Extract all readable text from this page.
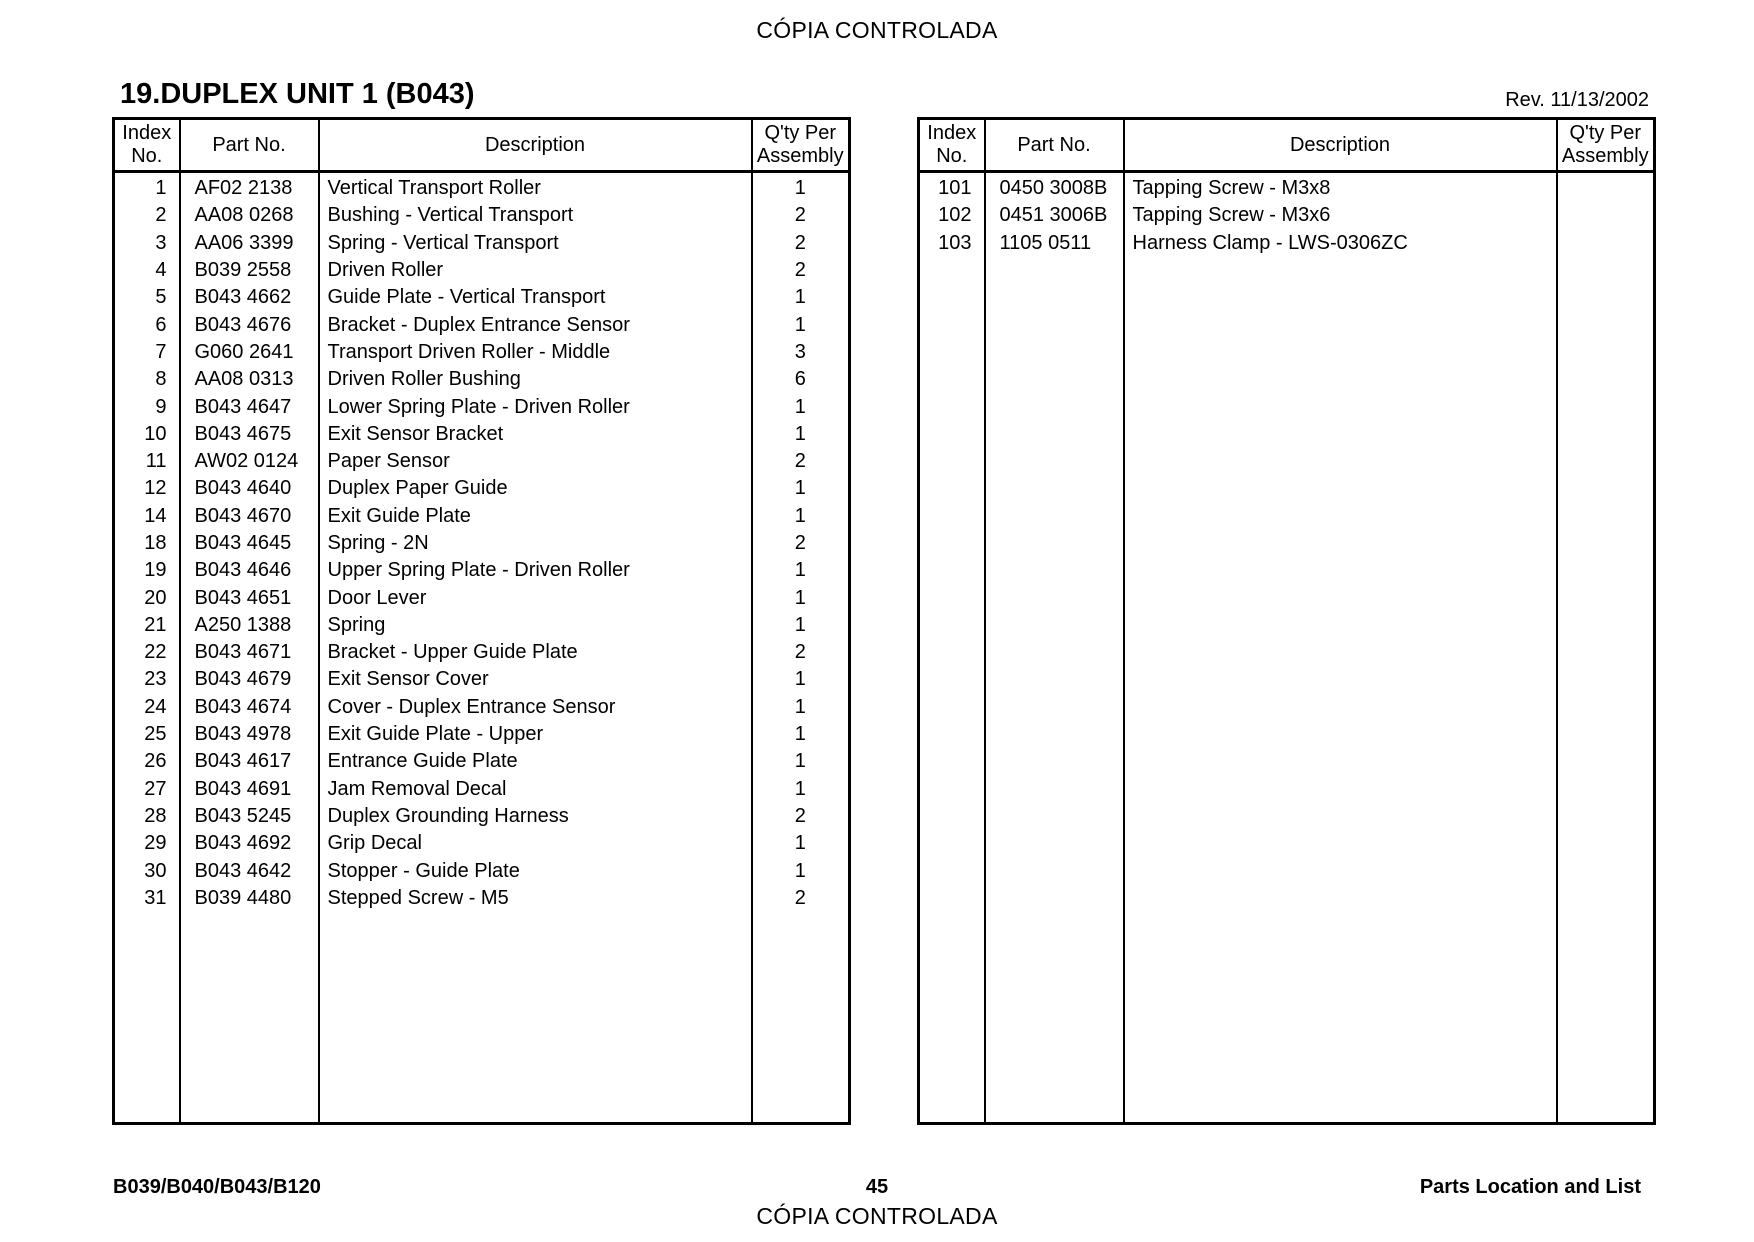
CÓPIA CONTROLADA
19.DUPLEX UNIT 1 (B043)	Rev. 11/13/2002
Index
No.	Part No.	Description	Q'ty Per
Assembly
1	AF02 2138	Vertical Transport Roller	1
2	AA08 0268	Bushing - Vertical Transport	2
3	AA06 3399	Spring - Vertical Transport	2
4	B039 2558	Driven Roller	2
5	B043 4662	Guide Plate - Vertical Transport	1
6	B043 4676	Bracket - Duplex Entrance Sensor	1
7	G060 2641	Transport Driven Roller - Middle	3
8	AA08 0313	Driven Roller Bushing	6
9	B043 4647	Lower Spring Plate - Driven Roller	1
10	B043 4675	Exit Sensor Bracket	1
11	AW02 0124	Paper Sensor	2
12	B043 4640	Duplex Paper Guide	1
14	B043 4670	Exit Guide Plate	1
18	B043 4645	Spring - 2N	2
19	B043 4646	Upper Spring Plate - Driven Roller	1
20	B043 4651	Door Lever	1
21	A250 1388	Spring	1
22	B043 4671	Bracket - Upper Guide Plate	2
23	B043 4679	Exit Sensor Cover	1
24	B043 4674	Cover - Duplex Entrance Sensor	1
25	B043 4978	Exit Guide Plate - Upper	1
26	B043 4617	Entrance Guide Plate	1
27	B043 4691	Jam Removal Decal	1
28	B043 5245	Duplex Grounding Harness	2
29	B043 4692	Grip Decal	1
30	B043 4642	Stopper - Guide Plate	1
31	B039 4480	Stepped Screw - M5	2

Index
No.	Part No.	Description	Q'ty Per
Assembly
101	0450 3008B	Tapping Screw - M3x8	
102	0451 3006B	Tapping Screw - M3x6	
103	1105 0511	Harness Clamp - LWS-0306ZC	

B039/B040/B043/B120	45	Parts Location and List
CÓPIA CONTROLADA
